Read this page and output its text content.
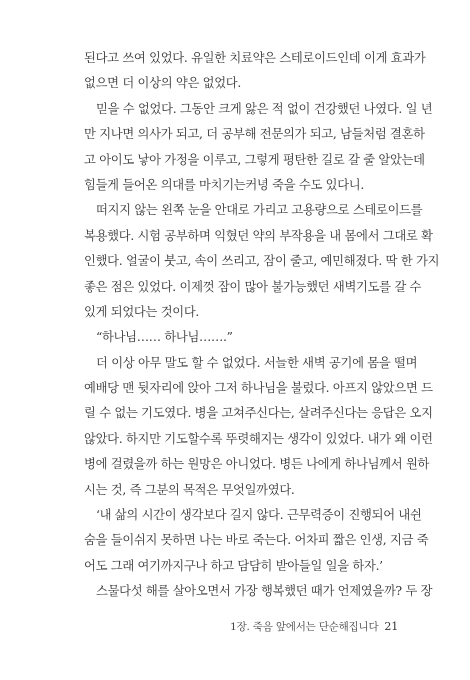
된다고 쓰여 있었다. 유일한 치료약은 스테로이드인데 이게 효과가
없으면 더 이상의 약은 없었다.
믿을 수 없었다. 그동안 크게 앓은 적 없이 건강했던 나였다. 일 년
만 지나면 의사가 되고, 더 공부해 전문의가 되고, 남들처럼 결혼하
고 아이도 낳아 가정을 이루고, 그렇게 평탄한 길로 갈 줄 알았는데
힘들게 들어온 의대를 마치기는커녕 죽을 수도 있다니.
떠지지 않는 왼쪽 눈을 안대로 가리고 고용량으로 스테로이드를
복용했다. 시험 공부하며 익혔던 약의 부작용을 내 몸에서 그대로 확
인했다. 얼굴이 붓고, 속이 쓰리고, 잠이 줄고, 예민해졌다. 딱 한 가지
좋은 점은 있었다. 이제껏 잠이 많아 불가능했던 새벽기도를 갈 수
있게 되었다는 것이다.
“하나님…… 하나님…….”
더 이상 아무 말도 할 수 없었다. 서늘한 새벽 공기에 몸을 떨며
예배당 맨 뒷자리에 앉아 그저 하나님을 불렀다. 아프지 않았으면 드
릴 수 없는 기도였다. 병을 고쳐주신다는, 살려주신다는 응답은 오지
않았다. 하지만 기도할수록 뚜렷해지는 생각이 있었다. 내가 왜 이런
병에 걸렸을까 하는 원망은 아니었다. 병든 나에게 하나님께서 원하
시는 것, 즉 그분의 목적은 무엇일까였다.
‘내 삶의 시간이 생각보다 길지 않다. 근무력증이 진행되어 내쉰
숨을 들이쉬지 못하면 나는 바로 죽는다. 어차피 짧은 인생, 지금 죽
어도 그래 여기까지구나 하고 담담히 받아들일 일을 하자.’
스물다섯 해를 살아오면서 가장 행복했던 때가 언제였을까? 두 장
1장. 죽음 앞에서는 단순해집니다 21
